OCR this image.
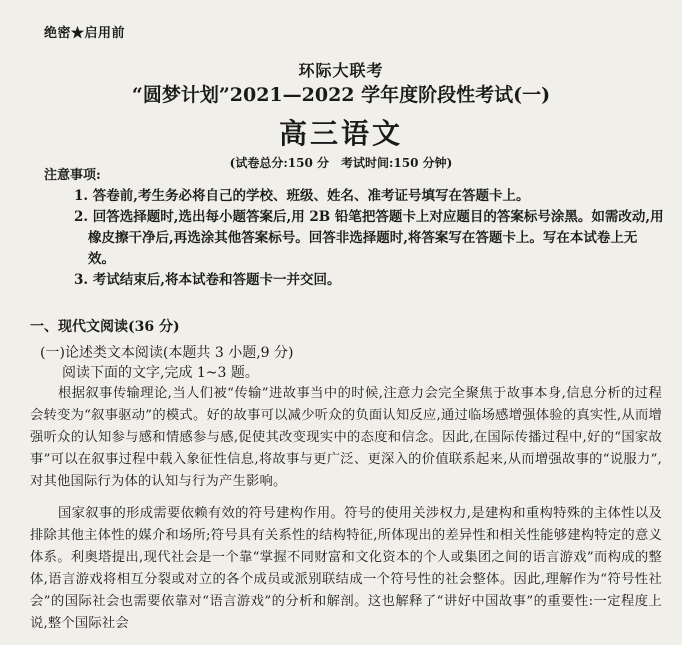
绝密★启用前
环际大联考
“圆梦计划”2021—2022 学年度阶段性考试(一)
高三语文
(试卷总分:150 分　考试时间:150 分钟)
注意事项:

1. 答卷前,考生务必将自己的学校、班级、姓名、准考证号填写在答题卡上。

2. 回答选择题时,选出每小题答案后,用 2B 铅笔把答题卡上对应题目的答案标号涂黑。如需改动,用橡皮擦干净后,再选涂其他答案标号。回答非选择题时,将答案写在答题卡上。写在本试卷上无效。

3. 考试结束后,将本试卷和答题卡一并交回。

一、现代文阅读(36 分)
(一)论述类文本阅读(本题共 3 小题,9 分)
阅读下面的文字,完成 1~3 题。

根据叙事传输理论,当人们被“传输”进故事当中的时候,注意力会完全聚焦于故事本身,信息分析的过程会转变为“叙事驱动”的模式。好的故事可以减少听众的负面认知反应,通过临场感增强体验的真实性,从而增强听众的认知参与感和情感参与感,促使其改变现实中的态度和信念。因此,在国际传播过程中,好的“国家故事”可以在叙事过程中载入象征性信息,将故事与更广泛、更深入的价值联系起来,从而增强故事的“说服力”,对其他国际行为体的认知与行为产生影响。

国家叙事的形成需要依赖有效的符号建构作用。符号的使用关涉权力,是建构和重构特殊的主体性以及排除其他主体性的媒介和场所;符号具有关系性的结构特征,所体现出的差异性和相关性能够建构特定的意义体系。利奥塔提出,现代社会是一个靠“掌握不同财富和文化资本的个人或集团之间的语言游戏”而构成的整体,语言游戏将相互分裂或对立的各个成员或派别联结成一个符号性的社会整体。因此,理解作为“符号性社会”的国际社会也需要依靠对“语言游戏”的分析和解剖。这也解释了“讲好中国故事”的重要性:一定程度上说,整个国际社会
